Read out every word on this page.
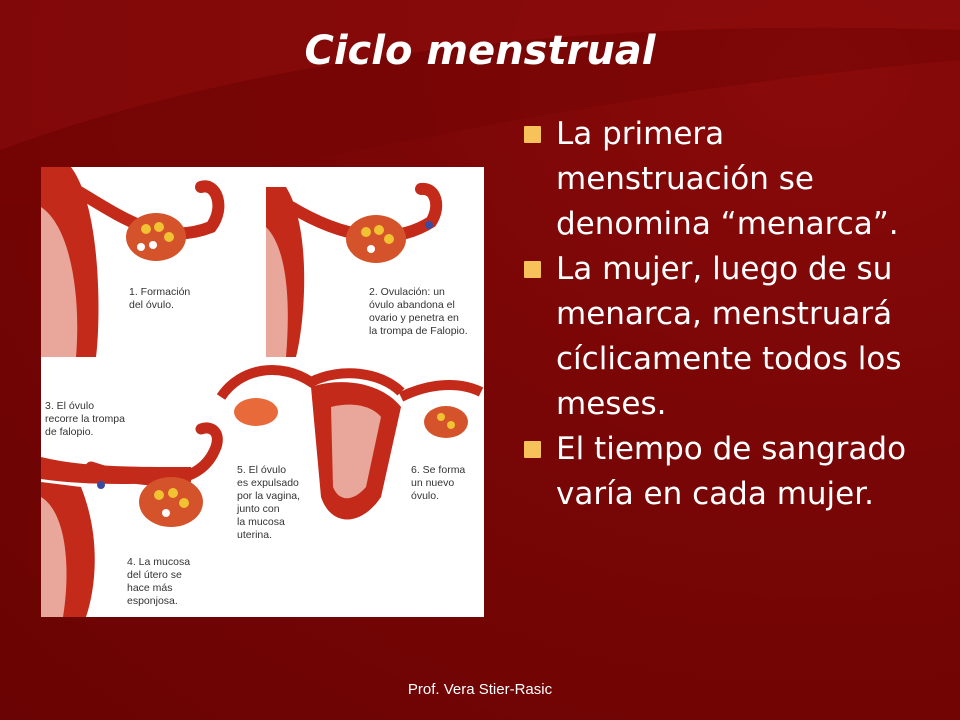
Ciclo menstrual
La primera menstruación se denomina “menarca”.
La mujer, luego de su menarca, menstruará cíclicamente todos los meses.
El tiempo de sangrado varía en cada mujer.
1. Formación del óvulo.
2. Ovulación: un óvulo abandona el ovario y penetra en la trompa de Falopio.
3. El óvulo recorre la trompa de falopio.
4. La mucosa del útero se hace más esponjosa.
5. El óvulo es expulsado por la vagina, junto con la mucosa uterina.
6. Se forma un nuevo óvulo.
Prof. Vera Stier-Rasic
